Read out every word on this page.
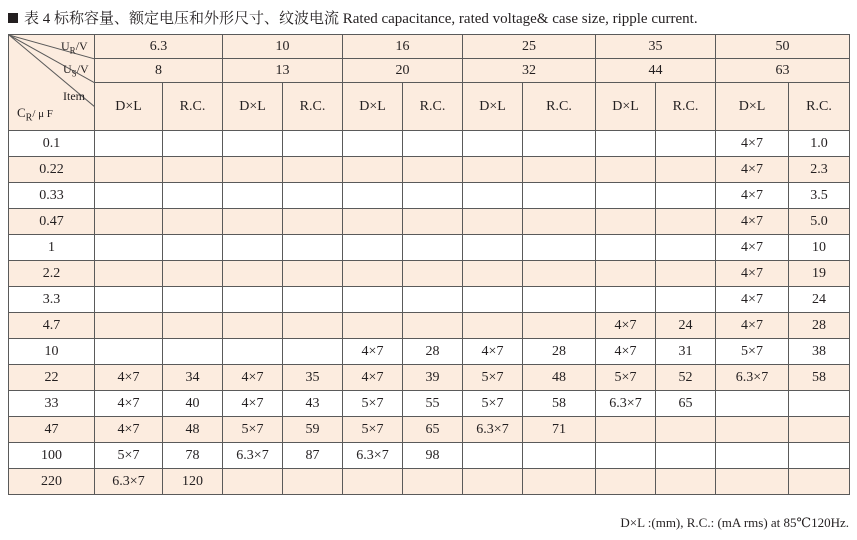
表 4 标称容量、额定电压和外形尺寸、纹波电流 Rated capacitance, rated voltage& case size, ripple current.
$U_R/V$
$U_S/V$
Item
$C_R/$ μ F	6.3		10		16		25		35		50	
	8		13		20		32		44		63	
	D×L	R.C.	D×L	R.C.	D×L	R.C.	D×L	R.C.	D×L	R.C.	D×L	R.C.
0.1											4×7	1.0
0.22											4×7	2.3
0.33											4×7	3.5
0.47											4×7	5.0
1											4×7	10
2.2											4×7	19
3.3											4×7	24
4.7									4×7	24	4×7	28
10					4×7	28	4×7	28	4×7	31	5×7	38
22	4×7	34	4×7	35	4×7	39	5×7	48	5×7	52	6.3×7	58
33	4×7	40	4×7	43	5×7	55	5×7	58	6.3×7	65		
47	4×7	48	5×7	59	5×7	65	6.3×7	71				
100	5×7	78	6.3×7	87	6.3×7	98						
220	6.3×7	120										
D×L :(mm), R.C.: (mA rms) at 85℃120Hz.
